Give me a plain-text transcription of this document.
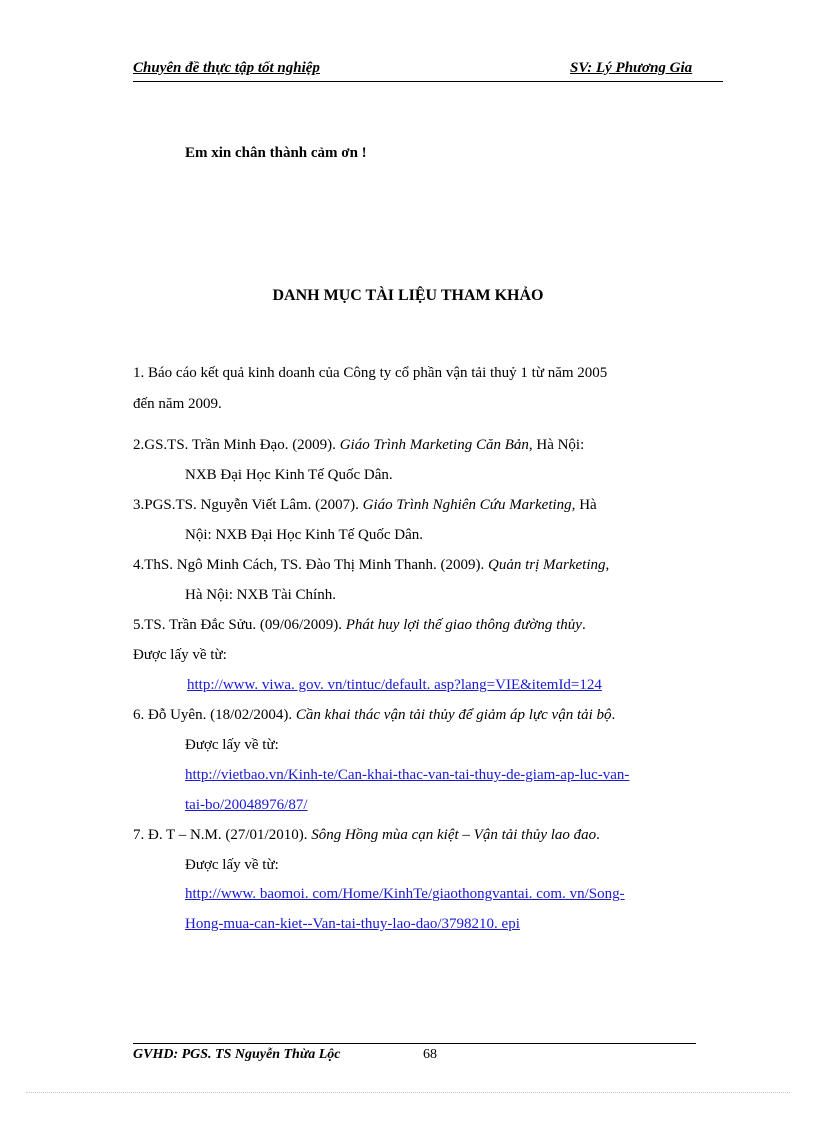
Chuyên đề thực tập tốt nghiệp	SV: Lý Phương Gia
Em xin chân thành cảm ơn !
DANH MỤC TÀI LIỆU THAM KHẢO
1. Báo cáo kết quả kinh doanh của Công ty cổ phần vận tải thuỷ 1 từ năm 2005
đến năm 2009.
2.GS.TS. Trần Minh Đạo. (2009). Giáo Trình Marketing Căn Bản, Hà Nội:
NXB Đại Học Kinh Tế Quốc Dân.
3.PGS.TS. Nguyễn Viết Lâm. (2007). Giáo Trình Nghiên Cứu Marketing, Hà
Nội: NXB Đại Học Kinh Tế Quốc Dân.
4.ThS. Ngô Minh Cách, TS. Đào Thị Minh Thanh. (2009). Quản trị Marketing,
Hà Nội: NXB Tài Chính.
5.TS. Trần Đắc Sửu. (09/06/2009). Phát huy lợi thế giao thông đường thủy.
Được lấy về từ:
http://www. viwa. gov. vn/tintuc/default. asp?lang=VIE&itemId=124
6. Đỗ Uyên. (18/02/2004). Cần khai thác vận tải thủy để giảm áp lực vận tải bộ.
Được lấy về từ:
http://vietbao.vn/Kinh-te/Can-khai-thac-van-tai-thuy-de-giam-ap-luc-van-
tai-bo/20048976/87/
7. Đ. T – N.M. (27/01/2010). Sông Hồng mùa cạn kiệt – Vận tải thủy lao đao.
Được lấy về từ:
http://www. baomoi. com/Home/KinhTe/giaothongvantai. com. vn/Song-
Hong-mua-can-kiet--Van-tai-thuy-lao-dao/3798210. epi
GVHD: PGS. TS Nguyễn Thừa Lộc	68
